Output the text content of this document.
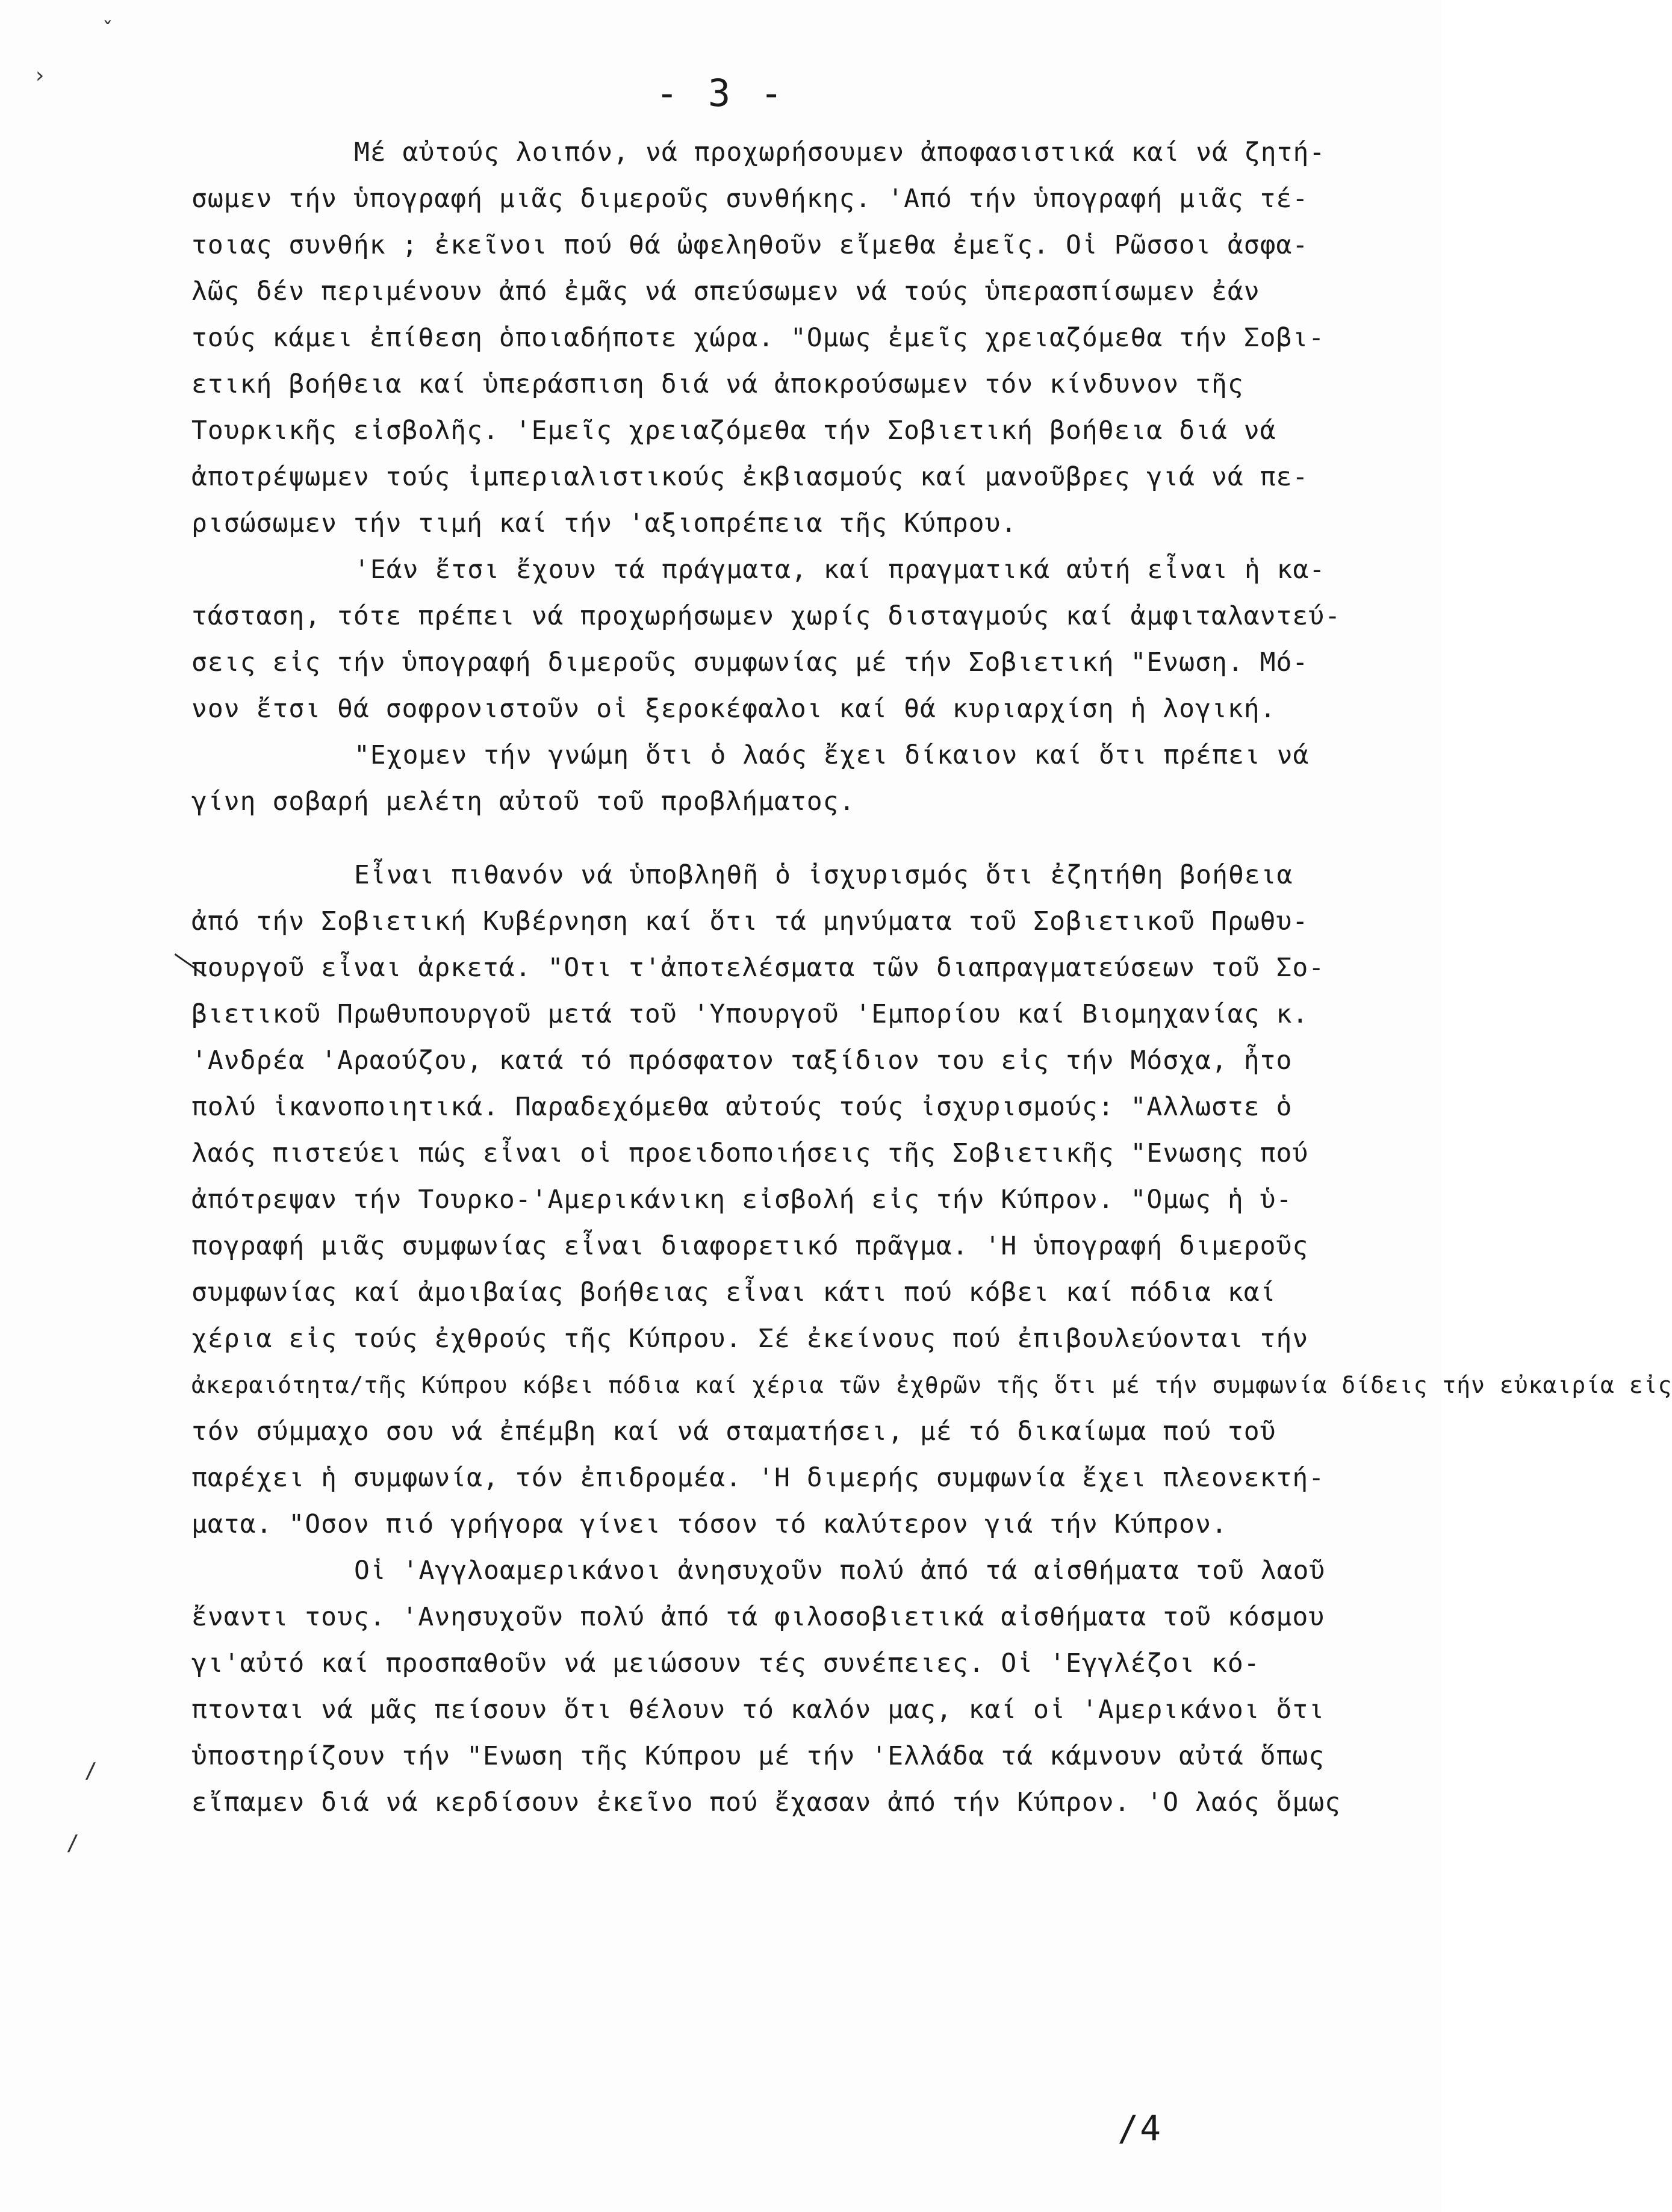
ˇ
›
/
/
- 3 -
Μέ αὐτούς λοιπόν, νά προχωρήσουμεν ἀποφασιστικά καί νά ζητή-
σωμεν τήν ὑπογραφή μιᾶς διμεροῦς συνθήκης. 'Από τήν ὑπογραφή μιᾶς τέ-
τοιας συνθήκ ; ἐκεῖνοι πού θά ὠφεληθοῦν εἴμεθα ἐμεῖς. Οἱ Ρῶσσοι ἀσφα-
λῶς δέν περιμένουν ἀπό ἐμᾶς νά σπεύσωμεν νά τούς ὑπερασπίσωμεν ἐάν
τούς κάμει ἐπίθεση ὁποιαδήποτε χώρα. "Ομως ἐμεῖς χρειαζόμεθα τήν Σοβι-
ετική βοήθεια καί ὑπεράσπιση διά νά ἀποκρούσωμεν τόν κίνδυνον τῆς
Τουρκικῆς εἰσβολῆς. 'Εμεῖς χρειαζόμεθα τήν Σοβιετική βοήθεια διά νά
ἀποτρέψωμεν τούς ἰμπεριαλιστικούς ἐκβιασμούς καί μανοῦβρες γιά νά πε-
ρισώσωμεν τήν τιμή καί τήν 'αξιοπρέπεια τῆς Κύπρου.
'Εάν ἔτσι ἔχουν τά πράγματα, καί πραγματικά αὐτή εἶναι ἡ κα-
τάσταση, τότε πρέπει νά προχωρήσωμεν χωρίς δισταγμούς καί ἀμφιταλαντεύ-
σεις εἰς τήν ὑπογραφή διμεροῦς συμφωνίας μέ τήν Σοβιετική "Ενωση. Μό-
νον ἔτσι θά σοφρονιστοῦν οἱ ξεροκέφαλοι καί θά κυριαρχίση ἡ λογική.
"Εχομεν τήν γνώμη ὅτι ὁ λαός ἔχει δίκαιον καί ὅτι πρέπει νά
γίνη σοβαρή μελέτη αὐτοῦ τοῦ προβλήματος.
Εἶναι πιθανόν νά ὑποβληθῆ ὁ ἰσχυρισμός ὅτι ἐζητήθη βοήθεια
ἀπό τήν Σοβιετική Κυβέρνηση καί ὅτι τά μηνύματα τοῦ Σοβιετικοῦ Πρωθυ-
πουργοῦ εἶναι ἀρκετά. "Οτι τ'ἀποτελέσματα τῶν διαπραγματεύσεων τοῦ Σο-
βιετικοῦ Πρωθυπουργοῦ μετά τοῦ 'Υπουργοῦ 'Εμπορίου καί Βιομηχανίας κ.
'Ανδρέα 'Αραούζου, κατά τό πρόσφατον ταξίδιον του εἰς τήν Μόσχα, ἦτο
πολύ ἱκανοποιητικά. Παραδεχόμεθα αὐτούς τούς ἰσχυρισμούς: "Αλλωστε ὁ
λαός πιστεύει πώς εἶναι οἱ προειδοποιήσεις τῆς Σοβιετικῆς "Ενωσης πού
ἀπότρεψαν τήν Τουρκο-'Αμερικάνικη εἰσβολή εἰς τήν Κύπρον. "Ομως ἡ ὑ-
πογραφή μιᾶς συμφωνίας εἶναι διαφορετικό πρᾶγμα. 'Η ὑπογραφή διμεροῦς
συμφωνίας καί ἀμοιβαίας βοήθειας εἶναι κάτι πού κόβει καί πόδια καί
χέρια εἰς τούς ἐχθρούς τῆς Κύπρου. Σέ ἐκείνους πού ἐπιβουλεύονται τήν
ἀκεραιότητα/τῆς Κύπρου κόβει πόδια καί χέρια τῶν ἐχθρῶν τῆς ὅτι μέ τήν συμφωνία δίδεις τήν εὐκαιρία εἰς
τόν σύμμαχο σου νά ἐπέμβη καί νά σταματήσει, μέ τό δικαίωμα πού τοῦ
παρέχει ἡ συμφωνία, τόν ἐπιδρομέα. 'Η διμερής συμφωνία ἔχει πλεονεκτή-
ματα. "Οσον πιό γρήγορα γίνει τόσον τό καλύτερον γιά τήν Κύπρον.
Οἱ 'Αγγλοαμερικάνοι ἀνησυχοῦν πολύ ἀπό τά αἰσθήματα τοῦ λαοῦ
ἔναντι τους. 'Ανησυχοῦν πολύ ἀπό τά φιλοσοβιετικά αἰσθήματα τοῦ κόσμου
γι'αὐτό καί προσπαθοῦν νά μειώσουν τές συνέπειες. Οἱ 'Εγγλέζοι κό-
πτονται νά μᾶς πείσουν ὅτι θέλουν τό καλόν μας, καί οἱ 'Αμερικάνοι ὅτι
ὑποστηρίζουν τήν "Ενωση τῆς Κύπρου μέ τήν 'Ελλάδα τά κάμνουν αὐτά ὅπως
εἴπαμεν διά νά κερδίσουν ἐκεῖνο πού ἔχασαν ἀπό τήν Κύπρον. 'Ο λαός ὅμως
/4
